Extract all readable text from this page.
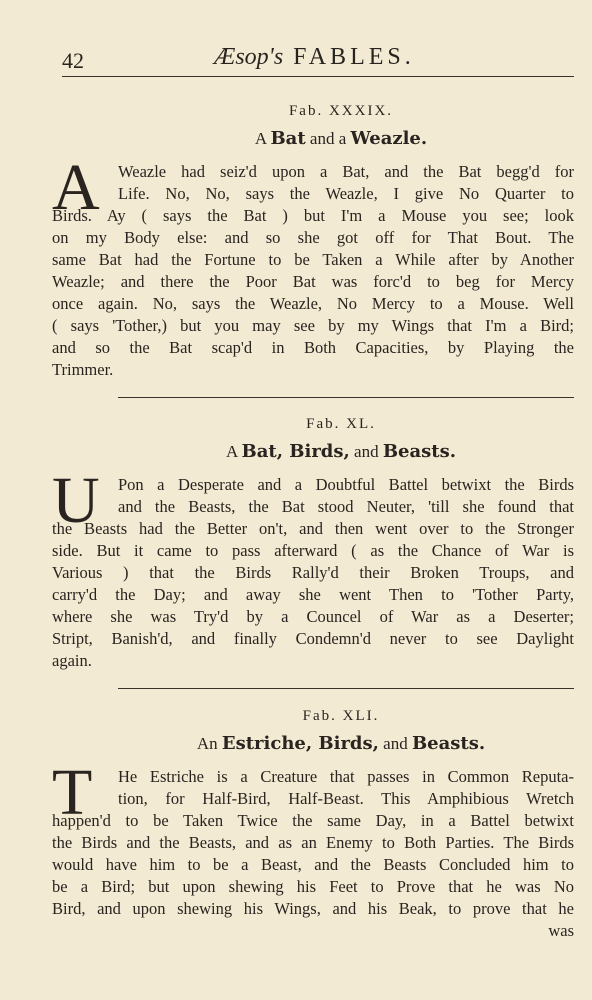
42	Æsop's FABLES.
Fab. XXXIX.
A Bat and a Weazle.
A Weazle had seiz'd upon a Bat, and the Bat begg'd for
Life. No, No, says the Weazle, I give No Quarter to
Birds. Ay ( says the Bat ) but I'm a Mouse you see; look
on my Body else: and so she got off for That Bout. The
same Bat had the Fortune to be Taken a While after by Another
Weazle; and there the Poor Bat was forc'd to beg for Mercy
once again. No, says the Weazle, No Mercy to a Mouse. Well
( says 'Tother,) but you may see by my Wings that I'm a Bird;
and so the Bat scap'd in Both Capacities, by Playing the
Trimmer.
Fab. XL.
A Bat, Birds, and Beasts.
U Pon a Desperate and a Doubtful Battel betwixt the Birds
and the Beasts, the Bat stood Neuter, 'till she found that
the Beasts had the Better on't, and then went over to the Stronger
side. But it came to pass afterward ( as the Chance of War is
Various ) that the Birds Rally'd their Broken Troups, and
carry'd the Day; and away she went Then to 'Tother Party,
where she was Try'd by a Councel of War as a Deserter;
Stript, Banish'd, and finally Condemn'd never to see Daylight
again.
Fab. XLI.
An Estriche, Birds, and Beasts.
T He Estriche is a Creature that passes in Common Reputa-
tion, for Half-Bird, Half-Beast. This Amphibious Wretch
happen'd to be Taken Twice the same Day, in a Battel betwixt
the Birds and the Beasts, and as an Enemy to Both Parties. The Birds
would have him to be a Beast, and the Beasts Concluded him to
be a Bird; but upon shewing his Feet to Prove that he was No
Bird, and upon shewing his Wings, and his Beak, to prove that he
was
